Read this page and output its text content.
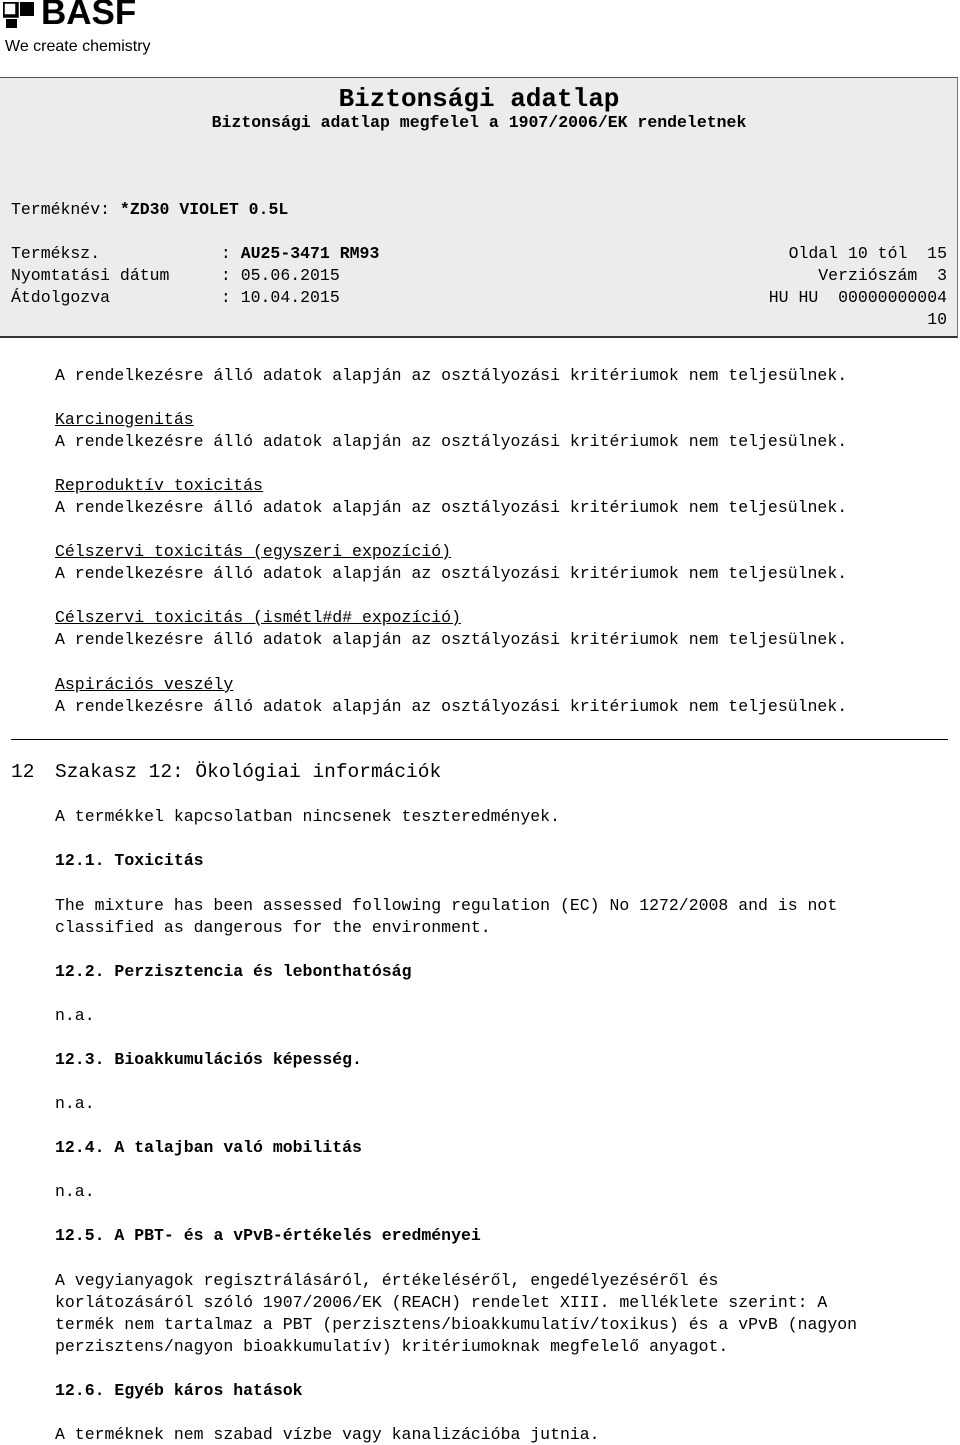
BASF
We create chemistry
Biztonsági adatlap
Biztonsági adatlap megfelel a 1907/2006/EK rendeletnek
Terméknév: *ZD30 VIOLET 0.5L
Terméksz.	: AU25-3471 RM93	Oldal 10 tól  15
Nyomtatási dátum	: 05.06.2015	Verziószám  3
Átdolgozva	: 10.04.2015	HU HU  00000000004
10
A rendelkezésre álló adatok alapján az osztályozási kritériumok nem teljesülnek.
Karcinogenitás
A rendelkezésre álló adatok alapján az osztályozási kritériumok nem teljesülnek.
Reproduktív toxicitás
A rendelkezésre álló adatok alapján az osztályozási kritériumok nem teljesülnek.
Célszervi toxicitás (egyszeri expozíció)
A rendelkezésre álló adatok alapján az osztályozási kritériumok nem teljesülnek.
Célszervi toxicitás (ismétl#d# expozíció)
A rendelkezésre álló adatok alapján az osztályozási kritériumok nem teljesülnek.
Aspirációs veszély
A rendelkezésre álló adatok alapján az osztályozási kritériumok nem teljesülnek.
12 Szakasz 12: Ökológiai információk
A termékkel kapcsolatban nincsenek teszteredmények.
12.1. Toxicitás
The mixture has been assessed following regulation (EC) No 1272/2008 and is not
classified as dangerous for the environment.
12.2. Perzisztencia és lebonthatóság
n.a.
12.3. Bioakkumulációs képesség.
n.a.
12.4. A talajban való mobilitás
n.a.
12.5. A PBT- és a vPvB-értékelés eredményei
A vegyianyagok regisztrálásáról, értékeléséről, engedélyezéséről és
korlátozásáról szóló 1907/2006/EK (REACH) rendelet XIII. melléklete szerint: A
termék nem tartalmaz a PBT (perzisztens/bioakkumulatív/toxikus) és a vPvB (nagyon
perzisztens/nagyon bioakkumulatív) kritériumoknak megfelelő anyagot.
12.6. Egyéb káros hatások
A terméknek nem szabad vízbe vagy kanalizációba jutnia.
